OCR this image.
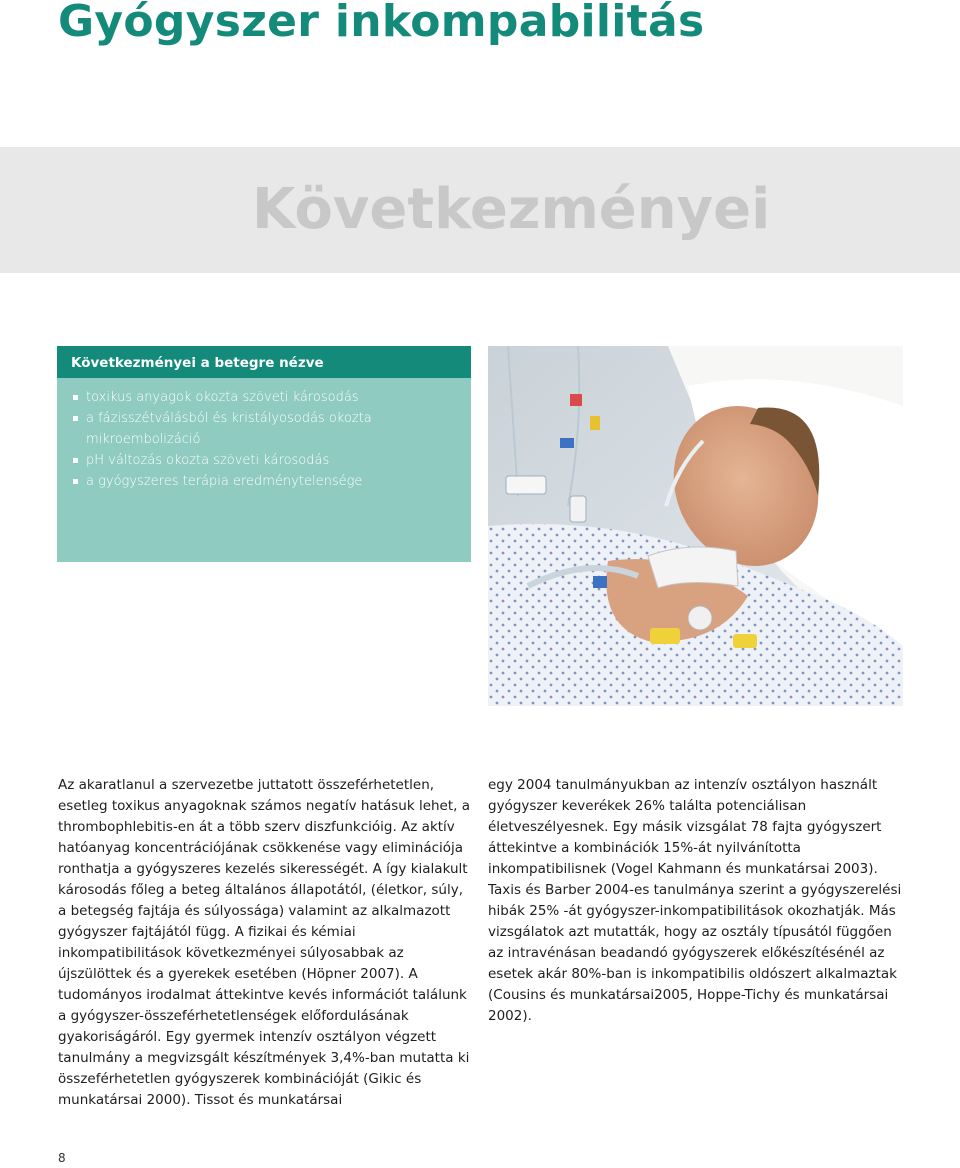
Gyógyszer inkompabilitás
Következményei
Következményei a betegre nézve
toxikus anyagok okozta szöveti károsodás
a fázisszétválásból és kristályosodás okozta mikroembolizáció
pH változás okozta szöveti károsodás
a gyógyszeres terápia eredménytelensége

Az akaratlanul a szervezetbe juttatott összeférhetetlen, esetleg toxikus anyagoknak számos negatív hatásuk lehet, a thrombophlebitis-en át a több szerv diszfunkcióig. Az aktív hatóanyag koncentrációjának csökkenése vagy eliminációja ronthatja a gyógyszeres kezelés sikerességét. A így kialakult károsodás főleg a beteg általános állapotától, (életkor, súly, a betegség fajtája és súlyossága) valamint az alkalmazott gyógyszer fajtájától függ. A fizikai és kémiai inkompatibilitások következményei súlyosabbak az újszülöttek és a gyerekek esetében (Höpner 2007). A tudományos irodalmat áttekintve kevés információt találunk a gyógyszer-összeférhetetlenségek előfordulásának gyakoriságáról. Egy gyermek intenzív osztályon végzett tanulmány a megvizsgált készítmények 3,4%-ban mutatta ki összeférhetetlen gyógyszerek kombinációját (Gikic és munkatársai 2000). Tissot és munkatársai

egy 2004 tanulmányukban az intenzív osztályon használt gyógyszer keverékek 26% találta potenciálisan életveszélyesnek. Egy másik vizsgálat 78 fajta gyógyszert áttekintve a kombinációk 15%-át nyilvánította inkompatibilisnek (Vogel Kahmann és munkatársai 2003). Taxis és Barber 2004-es tanulmánya szerint a gyógyszerelési hibák 25% -át gyógyszer-inkompatibilitások okozhatják. Más vizsgálatok azt mutatták, hogy az osztály típusától függően az intravénásan beadandó gyógyszerek előkészítésénél az esetek akár 80%-ban is inkompatibilis oldószert alkalmaztak (Cousins és munkatársai2005, Hoppe-Tichy és munkatársai 2002).

8
